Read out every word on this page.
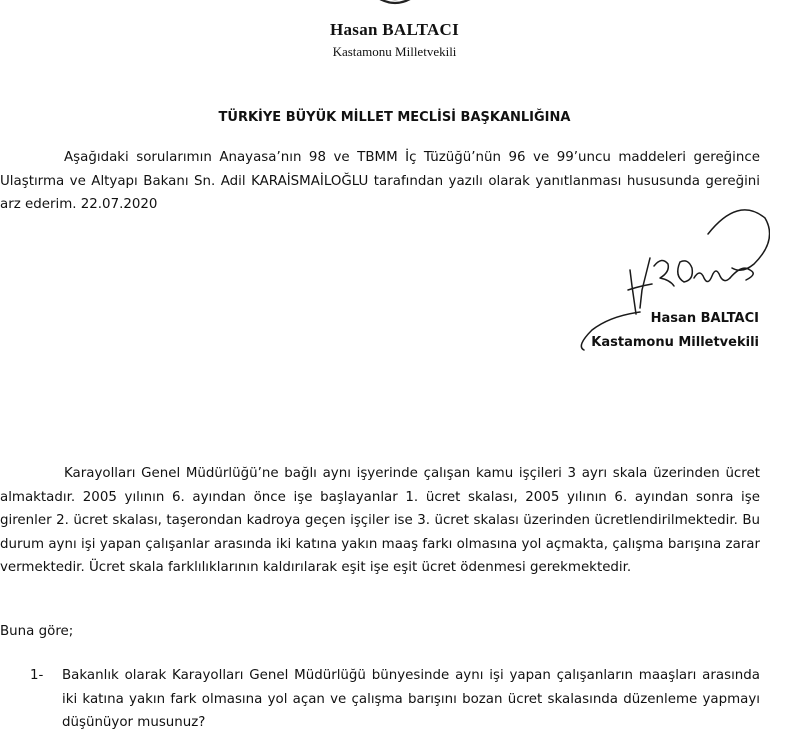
Hasan BALTACI
Kastamonu Milletvekili
TÜRKİYE BÜYÜK MİLLET MECLİSİ BAŞKANLIĞINA

Aşağıdaki sorularımın Anayasa’nın 98 ve TBMM İç Tüzüğü’nün 96 ve 99’uncu maddeleri gereğince Ulaştırma ve Altyapı Bakanı Sn. Adil KARAİSMAİLOĞLU tarafından yazılı olarak yanıtlanması hususunda gereğini arz ederim. 22.07.2020

Hasan BALTACI
Kastamonu Milletvekili

Karayolları Genel Müdürlüğü’ne bağlı aynı işyerinde çalışan kamu işçileri 3 ayrı skala üzerinden ücret almaktadır. 2005 yılının 6. ayından önce işe başlayanlar 1. ücret skalası, 2005 yılının 6. ayından sonra işe girenler 2. ücret skalası, taşerondan kadroya geçen işçiler ise 3. ücret skalası üzerinden ücretlendirilmektedir. Bu durum aynı işi yapan çalışanlar arasında iki katına yakın maaş farkı olmasına yol açmakta, çalışma barışına zarar vermektedir. Ücret skala farklılıklarının kaldırılarak eşit işe eşit ücret ödenmesi gerekmektedir.

Buna göre;

1- Bakanlık olarak Karayolları Genel Müdürlüğü bünyesinde aynı işi yapan çalışanların maaşları arasında iki katına yakın fark olmasına yol açan ve çalışma barışını bozan ücret skalasında düzenleme yapmayı düşünüyor musunuz?
